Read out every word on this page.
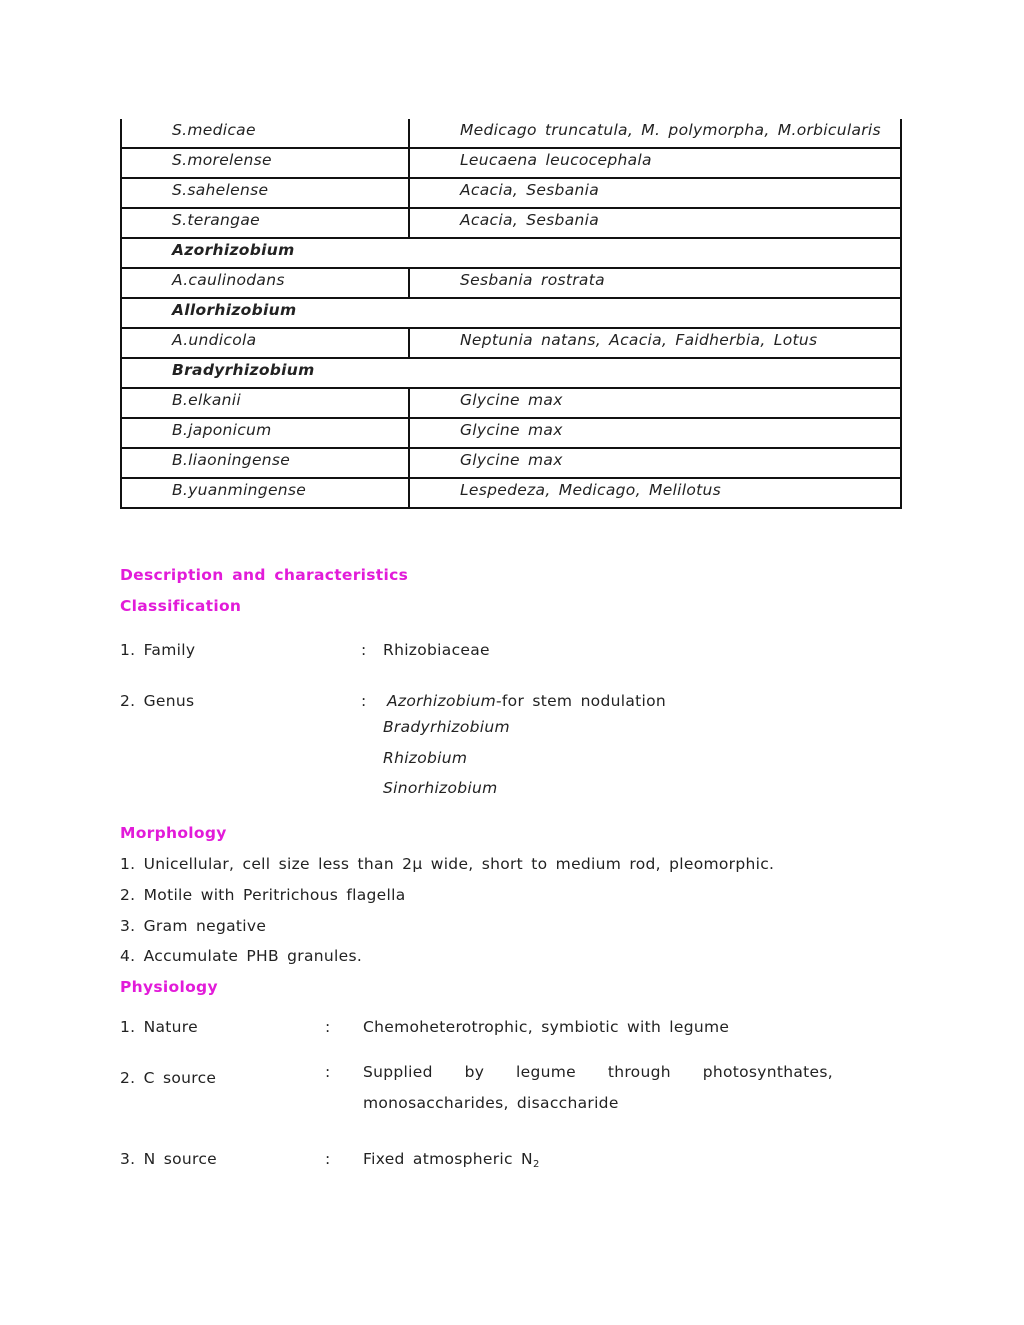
S.medicae	Medicago truncatula, M. polymorpha, M.orbicularis
S.morelense	Leucaena leucocephala
S.sahelense	Acacia, Sesbania
S.terangae	Acacia, Sesbania
Azorhizobium	
A.caulinodans	Sesbania rostrata
Allorhizobium	
A.undicola	Neptunia natans, Acacia, Faidherbia, Lotus
Bradyrhizobium	
B.elkanii	Glycine max
B.japonicum	Glycine max
B.liaoningense	Glycine max
B.yuanmingense	Lespedeza, Medicago, Melilotus
Description and characteristics
Classification
1. Family	: Rhizobiaceae
2. Genus	: Azorhizobium-for stem nodulation
Bradyrhizobium
Rhizobium
Sinorhizobium
Morphology
1. Unicellular, cell size less than 2μ wide, short to medium rod, pleomorphic.
2. Motile with Peritrichous flagella
3. Gram negative
4. Accumulate PHB granules.
Physiology
1. Nature	: Chemoheterotrophic, symbiotic with legume
2. C source	: Supplied by legume through photosynthates,
monosaccharides, disaccharide
3. N source	: Fixed atmospheric $N_2$
